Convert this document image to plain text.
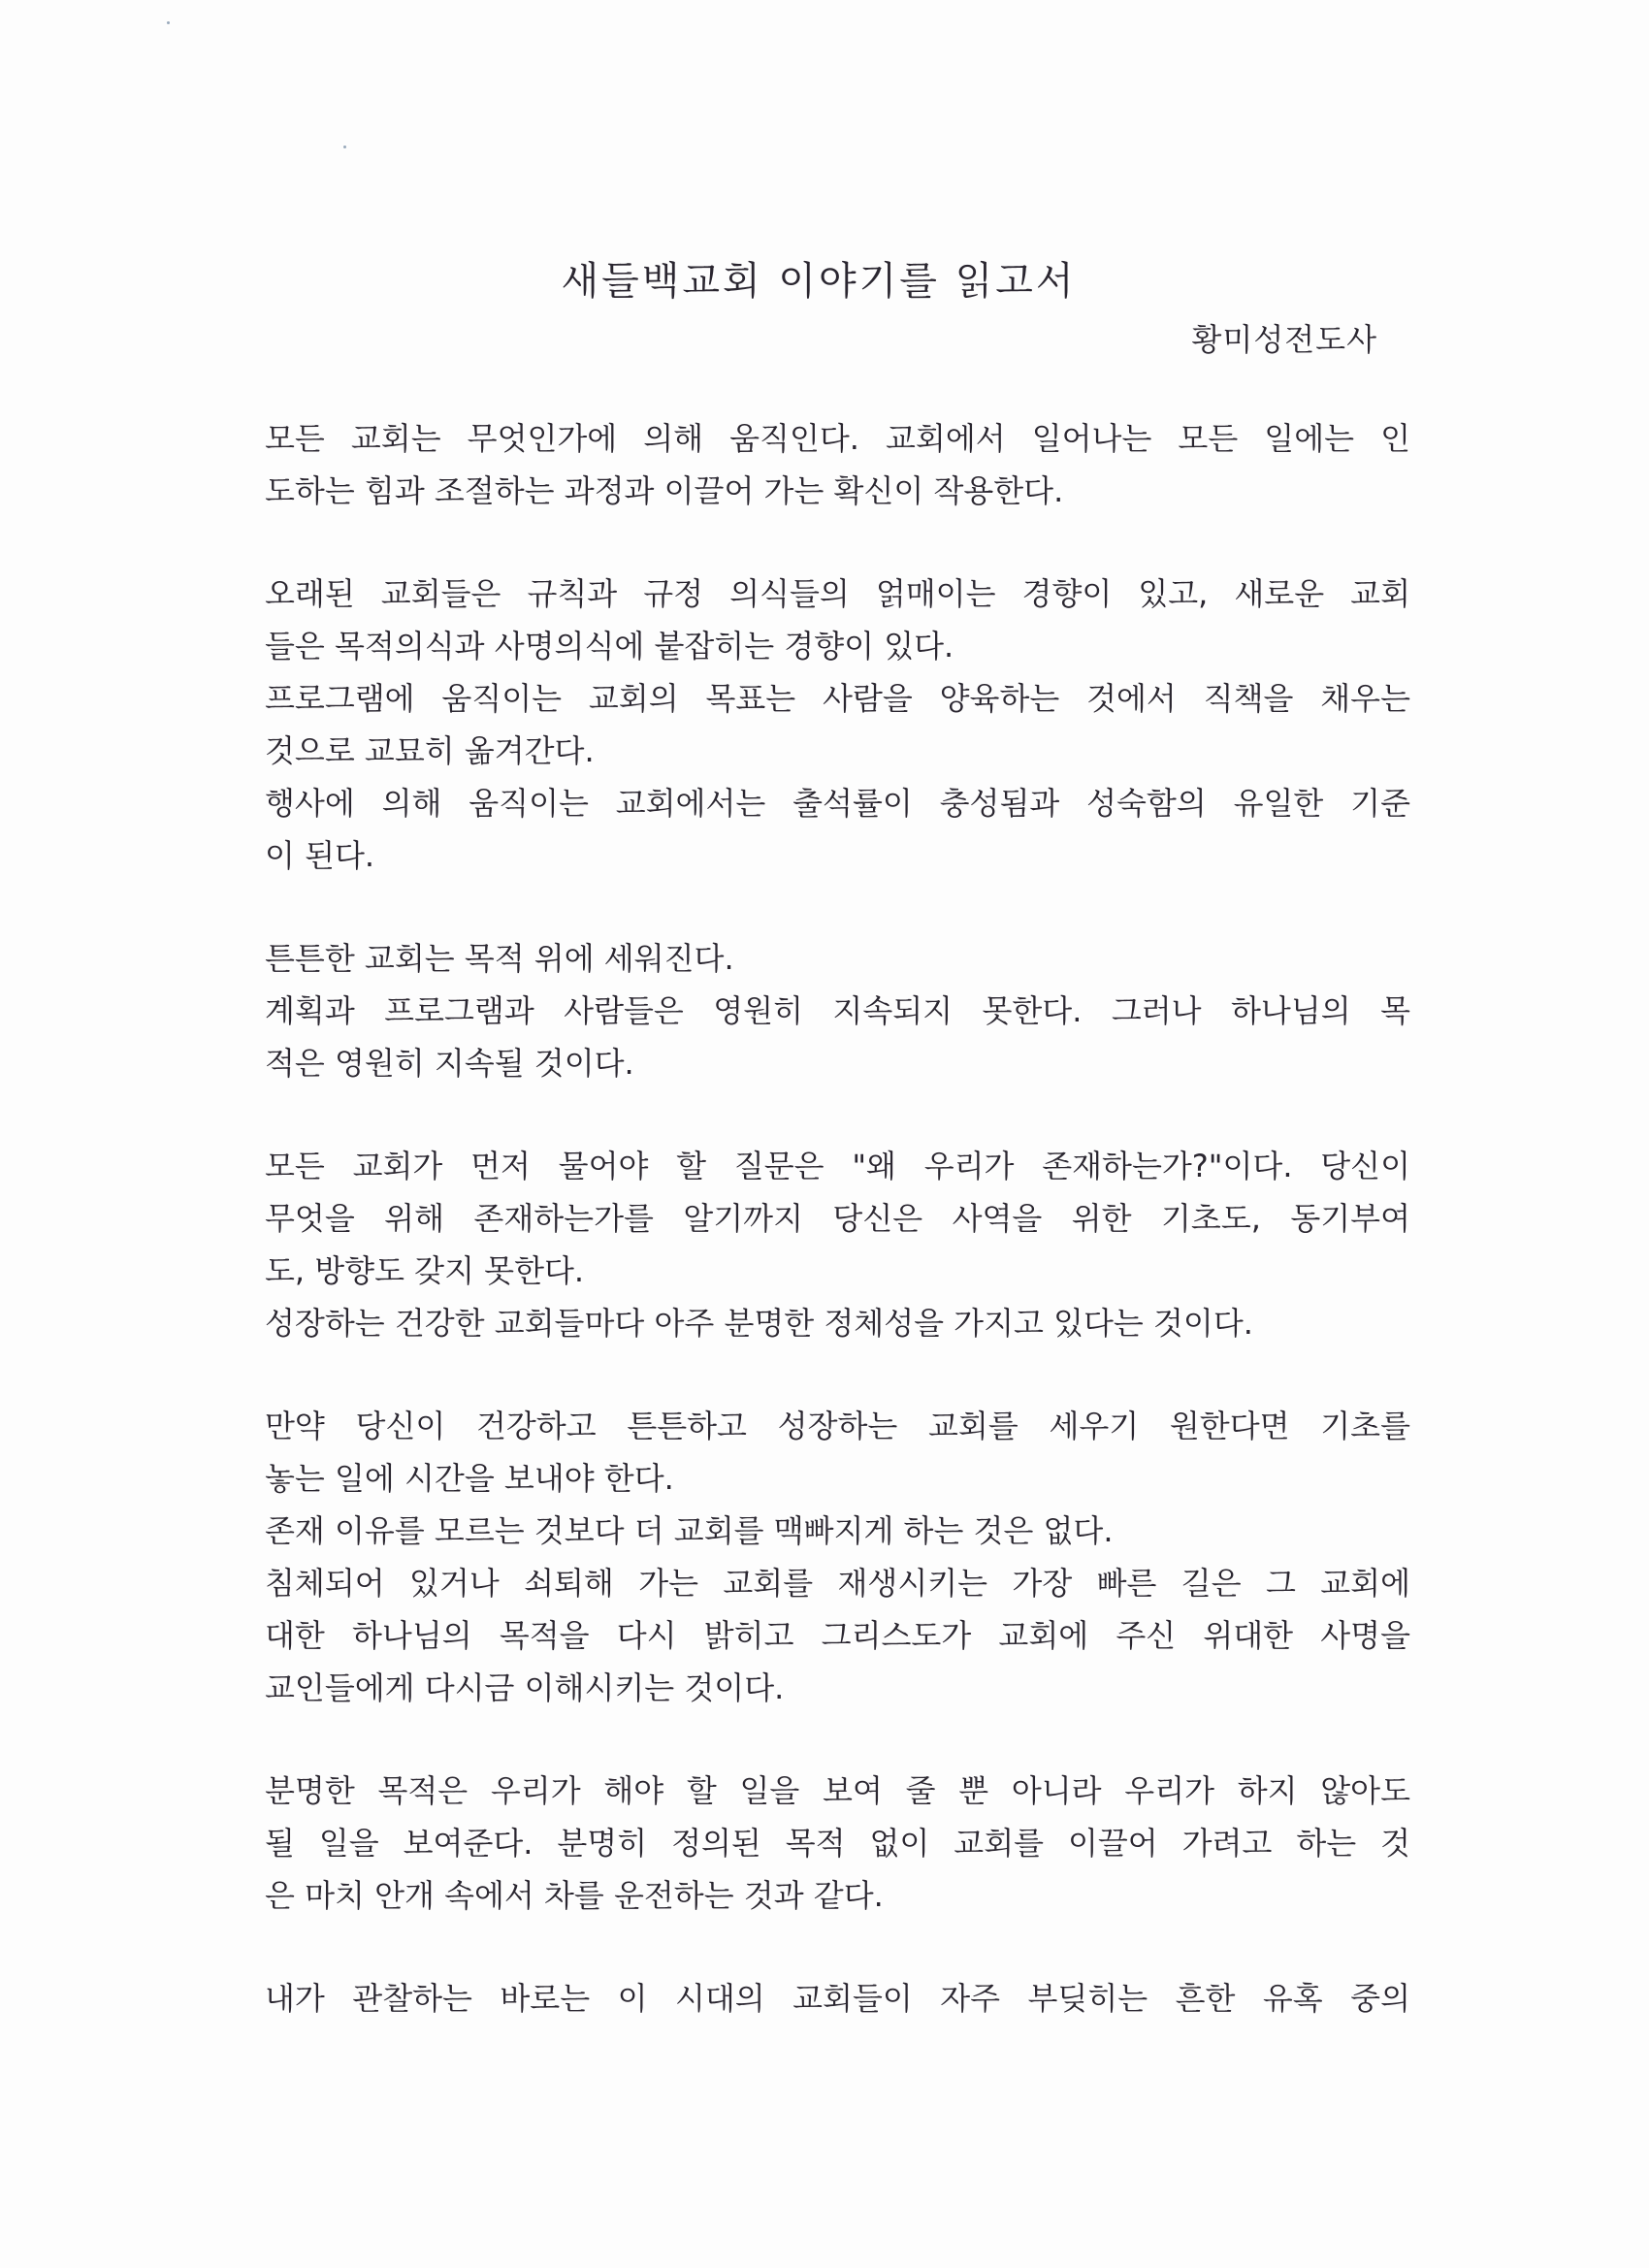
새들백교회 이야기를 읽고서
황미성전도사
모든 교회는 무엇인가에 의해 움직인다. 교회에서 일어나는 모든 일에는 인
도하는 힘과 조절하는 과정과 이끌어 가는 확신이 작용한다.
오래된 교회들은 규칙과 규정 의식들의 얽매이는 경향이 있고, 새로운 교회
들은 목적의식과 사명의식에 붙잡히는 경향이 있다.
프로그램에 움직이는 교회의 목표는 사람을 양육하는 것에서 직책을 채우는
것으로 교묘히 옮겨간다.
행사에 의해 움직이는 교회에서는 출석률이 충성됨과 성숙함의 유일한 기준
이 된다.
튼튼한 교회는 목적 위에 세워진다.
계획과 프로그램과 사람들은 영원히 지속되지 못한다. 그러나 하나님의 목
적은 영원히 지속될 것이다.
모든 교회가 먼저 물어야 할 질문은 "왜 우리가 존재하는가?"이다. 당신이
무엇을 위해 존재하는가를 알기까지 당신은 사역을 위한 기초도, 동기부여
도, 방향도 갖지 못한다.
성장하는 건강한 교회들마다 아주 분명한 정체성을 가지고 있다는 것이다.
만약 당신이 건강하고 튼튼하고 성장하는 교회를 세우기 원한다면 기초를
놓는 일에 시간을 보내야 한다.
존재 이유를 모르는 것보다 더 교회를 맥빠지게 하는 것은 없다.
침체되어 있거나 쇠퇴해 가는 교회를 재생시키는 가장 빠른 길은 그 교회에
대한 하나님의 목적을 다시 밝히고 그리스도가 교회에 주신 위대한 사명을
교인들에게 다시금 이해시키는 것이다.
분명한 목적은 우리가 해야 할 일을 보여 줄 뿐 아니라 우리가 하지 않아도
될 일을 보여준다. 분명히 정의된 목적 없이 교회를 이끌어 가려고 하는 것
은 마치 안개 속에서 차를 운전하는 것과 같다.
내가 관찰하는 바로는 이 시대의 교회들이 자주 부딪히는 흔한 유혹 중의
